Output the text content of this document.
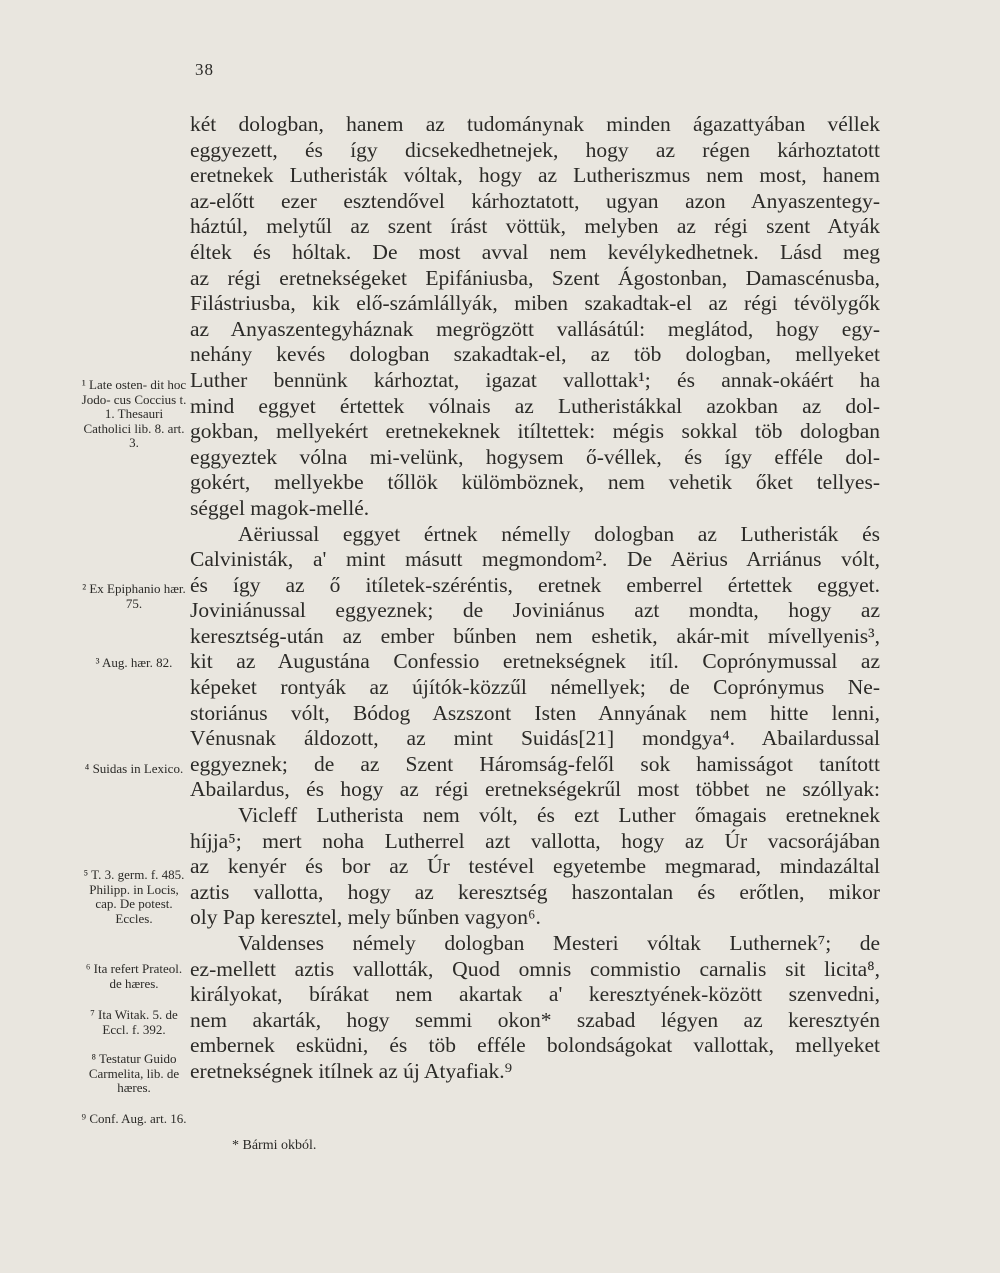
38
két dologban, hanem az tudománynak minden ágazattyában véllek
eggyezett, és így dicsekedhetnejek, hogy az régen kárhoztatott
eretnekek Lutheristák vóltak, hogy az Lutheriszmus nem most, hanem
az-előtt ezer esztendővel kárhoztatott, ugyan azon Anyaszentegy-
háztúl, melytűl az szent írást vöttük, melyben az régi szent Atyák
éltek és hóltak. De most avval nem kevélykedhetnek. Lásd meg
az régi eretnekségeket Epifániusba, Szent Ágostonban, Damascénusba,
Filástriusba, kik elő-számlállyák, miben szakadtak-el az régi tévölygők
az Anyaszentegyháznak megrögzött vallásátúl: meglátod, hogy egy-
nehány kevés dologban szakadtak-el, az töb dologban, mellyeket
Luther bennünk kárhoztat, igazat vallottak¹; és annak-okáért ha
mind eggyet értettek vólnais az Lutheristákkal azokban az dol-
gokban, mellyekért eretnekeknek itíltettek: mégis sokkal töb dologban
eggyeztek vólna mi-velünk, hogysem ő-véllek, és így efféle dol-
gokért, mellyekbe tőllök külömböznek, nem vehetik őket tellyes-
séggel magok-mellé.
Aëriussal eggyet értnek némelly dologban az Lutheristák és
Calvinisták, a' mint másutt megmondom². De Aërius Arriánus vólt,
és így az ő itíletek-széréntis, eretnek emberrel értettek eggyet.
Joviniánussal eggyeznek; de Joviniánus azt mondta, hogy az
keresztség-után az ember bűnben nem eshetik, akár-mit mívellyenis³,
kit az Augustána Confessio eretnekségnek itíl. Coprónymussal az
képeket rontyák az újítók-közzűl némellyek; de Coprónymus Ne-
storiánus vólt, Bódog Aszszont Isten Annyának nem hitte lenni,
Vénusnak áldozott, az mint Suidás[21] mondgya⁴. Abailardussal
eggyeznek; de az Szent Háromság-felől sok hamisságot tanított
Abailardus, és hogy az régi eretnekségekrűl most többet ne szóllyak:
Vicleff Lutherista nem vólt, és ezt Luther őmagais eretneknek
híjja⁵; mert noha Lutherrel azt vallotta, hogy az Úr vacsorájában
az kenyér és bor az Úr testével egyetembe megmarad, mindazáltal
aztis vallotta, hogy az keresztség haszontalan és erőtlen, mikor
oly Pap keresztel, mely bűnben vagyon⁶.
Valdenses némely dologban Mesteri vóltak Luthernek⁷; de
ez-mellett aztis vallották, Quod omnis commistio carnalis sit licita⁸,
királyokat, bírákat nem akartak a' keresztyének-között szenvedni,
nem akarták, hogy semmi okon* szabad légyen az keresztyén
embernek esküdni, és töb efféle bolondságokat vallottak, mellyeket
eretnekségnek itílnek az új Atyafiak.⁹
¹ Late osten- dit hoc Jodo- cus Coccius t. 1. Thesauri Catholici lib. 8. art. 3.
² Ex Epiphanio hær. 75.
³ Aug. hær. 82.
⁴ Suidas in Lexico.
⁵ T. 3. germ. f. 485. Philipp. in Locis, cap. De potest. Eccles.
⁶ Ita refert Prateol. de hæres.
⁷ Ita Witak. 5. de Eccl. f. 392.
⁸ Testatur Guido Carmelita, lib. de hæres.
⁹ Conf. Aug. art. 16.
* Bármi okból.
